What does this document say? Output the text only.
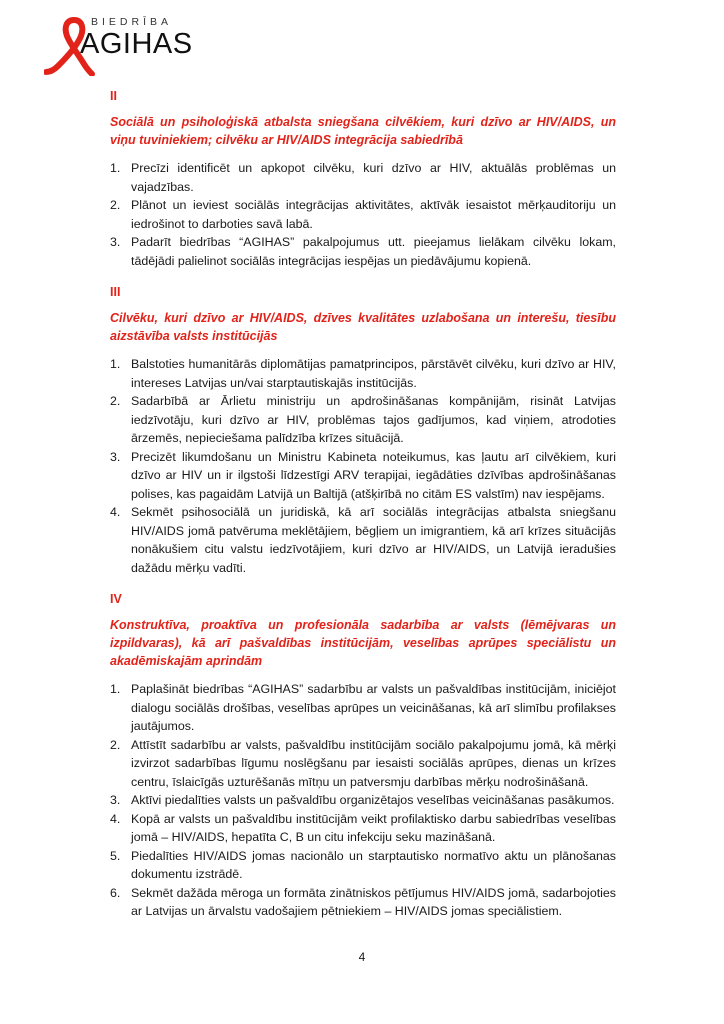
BIEDRĪBA
AGIHAS
II
Sociālā un psiholoģiskā atbalsta sniegšana cilvēkiem, kuri dzīvo ar HIV/AIDS, un viņu tuviniekiem; cilvēku ar HIV/AIDS integrācija sabiedrībā
1. Precīzi identificēt un apkopot cilvēku, kuri dzīvo ar HIV, aktuālās problēmas un vajadzības.
2. Plānot un ieviest sociālās integrācijas aktivitātes, aktīvāk iesaistot mērķauditoriju un iedrošinot to darboties savā labā.
3. Padarīt biedrības “AGIHAS” pakalpojumus utt. pieejamus lielākam cilvēku lokam, tādējādi palielinot sociālās integrācijas iespējas un piedāvājumu kopienā.
III
Cilvēku, kuri dzīvo ar HIV/AIDS, dzīves kvalitātes uzlabošana un interešu, tiesību aizstāvība valsts institūcijās
1. Balstoties humanitārās diplomātijas pamatprincipos, pārstāvēt cilvēku, kuri dzīvo ar HIV, intereses Latvijas un/vai starptautiskajās institūcijās.
2. Sadarbībā ar Ārlietu ministriju un apdrošināšanas kompānijām, risināt Latvijas iedzīvotāju, kuri dzīvo ar HIV, problēmas tajos gadījumos, kad viņiem, atrodoties ārzemēs, nepieciešama palīdzība krīzes situācijā.
3. Precizēt likumdošanu un Ministru Kabineta noteikumus, kas ļautu arī cilvēkiem, kuri dzīvo ar HIV un ir ilgstoši līdzestīgi ARV terapijai, iegādāties dzīvības apdrošināšanas polises, kas pagaidām Latvijā un Baltijā (atšķirībā no citām ES valstīm) nav iespējams.
4. Sekmēt psihosociālā un juridiskā, kā arī sociālās integrācijas atbalsta sniegšanu HIV/AIDS jomā patvēruma meklētājiem, bēgļiem un imigrantiem, kā arī krīzes situācijās nonākušiem citu valstu iedzīvotājiem, kuri dzīvo ar HIV/AIDS, un Latvijā ieradušies dažādu mērķu vadīti.
IV
Konstruktīva, proaktīva un profesionāla sadarbība ar valsts (lēmējvaras un izpildvaras), kā arī pašvaldības institūcijām, veselības aprūpes speciālistu un akadēmiskajām aprindām
1. Paplašināt biedrības “AGIHAS” sadarbību ar valsts un pašvaldības institūcijām, iniciējot dialogu sociālās drošības, veselības aprūpes un veicināšanas, kā arī slimību profilakses jautājumos.
2. Attīstīt sadarbību ar valsts, pašvaldību institūcijām sociālo pakalpojumu jomā, kā mērķi izvirzot sadarbības līgumu noslēgšanu par iesaisti sociālās aprūpes, dienas un krīzes centru, īslaicīgās uzturēšanās mītņu un patversmju darbības mērķu nodrošināšanā.
3. Aktīvi piedalīties valsts un pašvaldību organizētajos veselības veicināšanas pasākumos.
4. Kopā ar valsts un pašvaldību institūcijām veikt profilaktisko darbu sabiedrības veselības jomā – HIV/AIDS, hepatīta C, B un citu infekciju seku mazināšanā.
5. Piedalīties HIV/AIDS jomas nacionālo un starptautisko normatīvo aktu un plānošanas dokumentu izstrādē.
6. Sekmēt dažāda mēroga un formāta zinātniskos pētījumus HIV/AIDS jomā, sadarbojoties ar Latvijas un ārvalstu vadošajiem pētniekiem – HIV/AIDS jomas speciālistiem.
4
